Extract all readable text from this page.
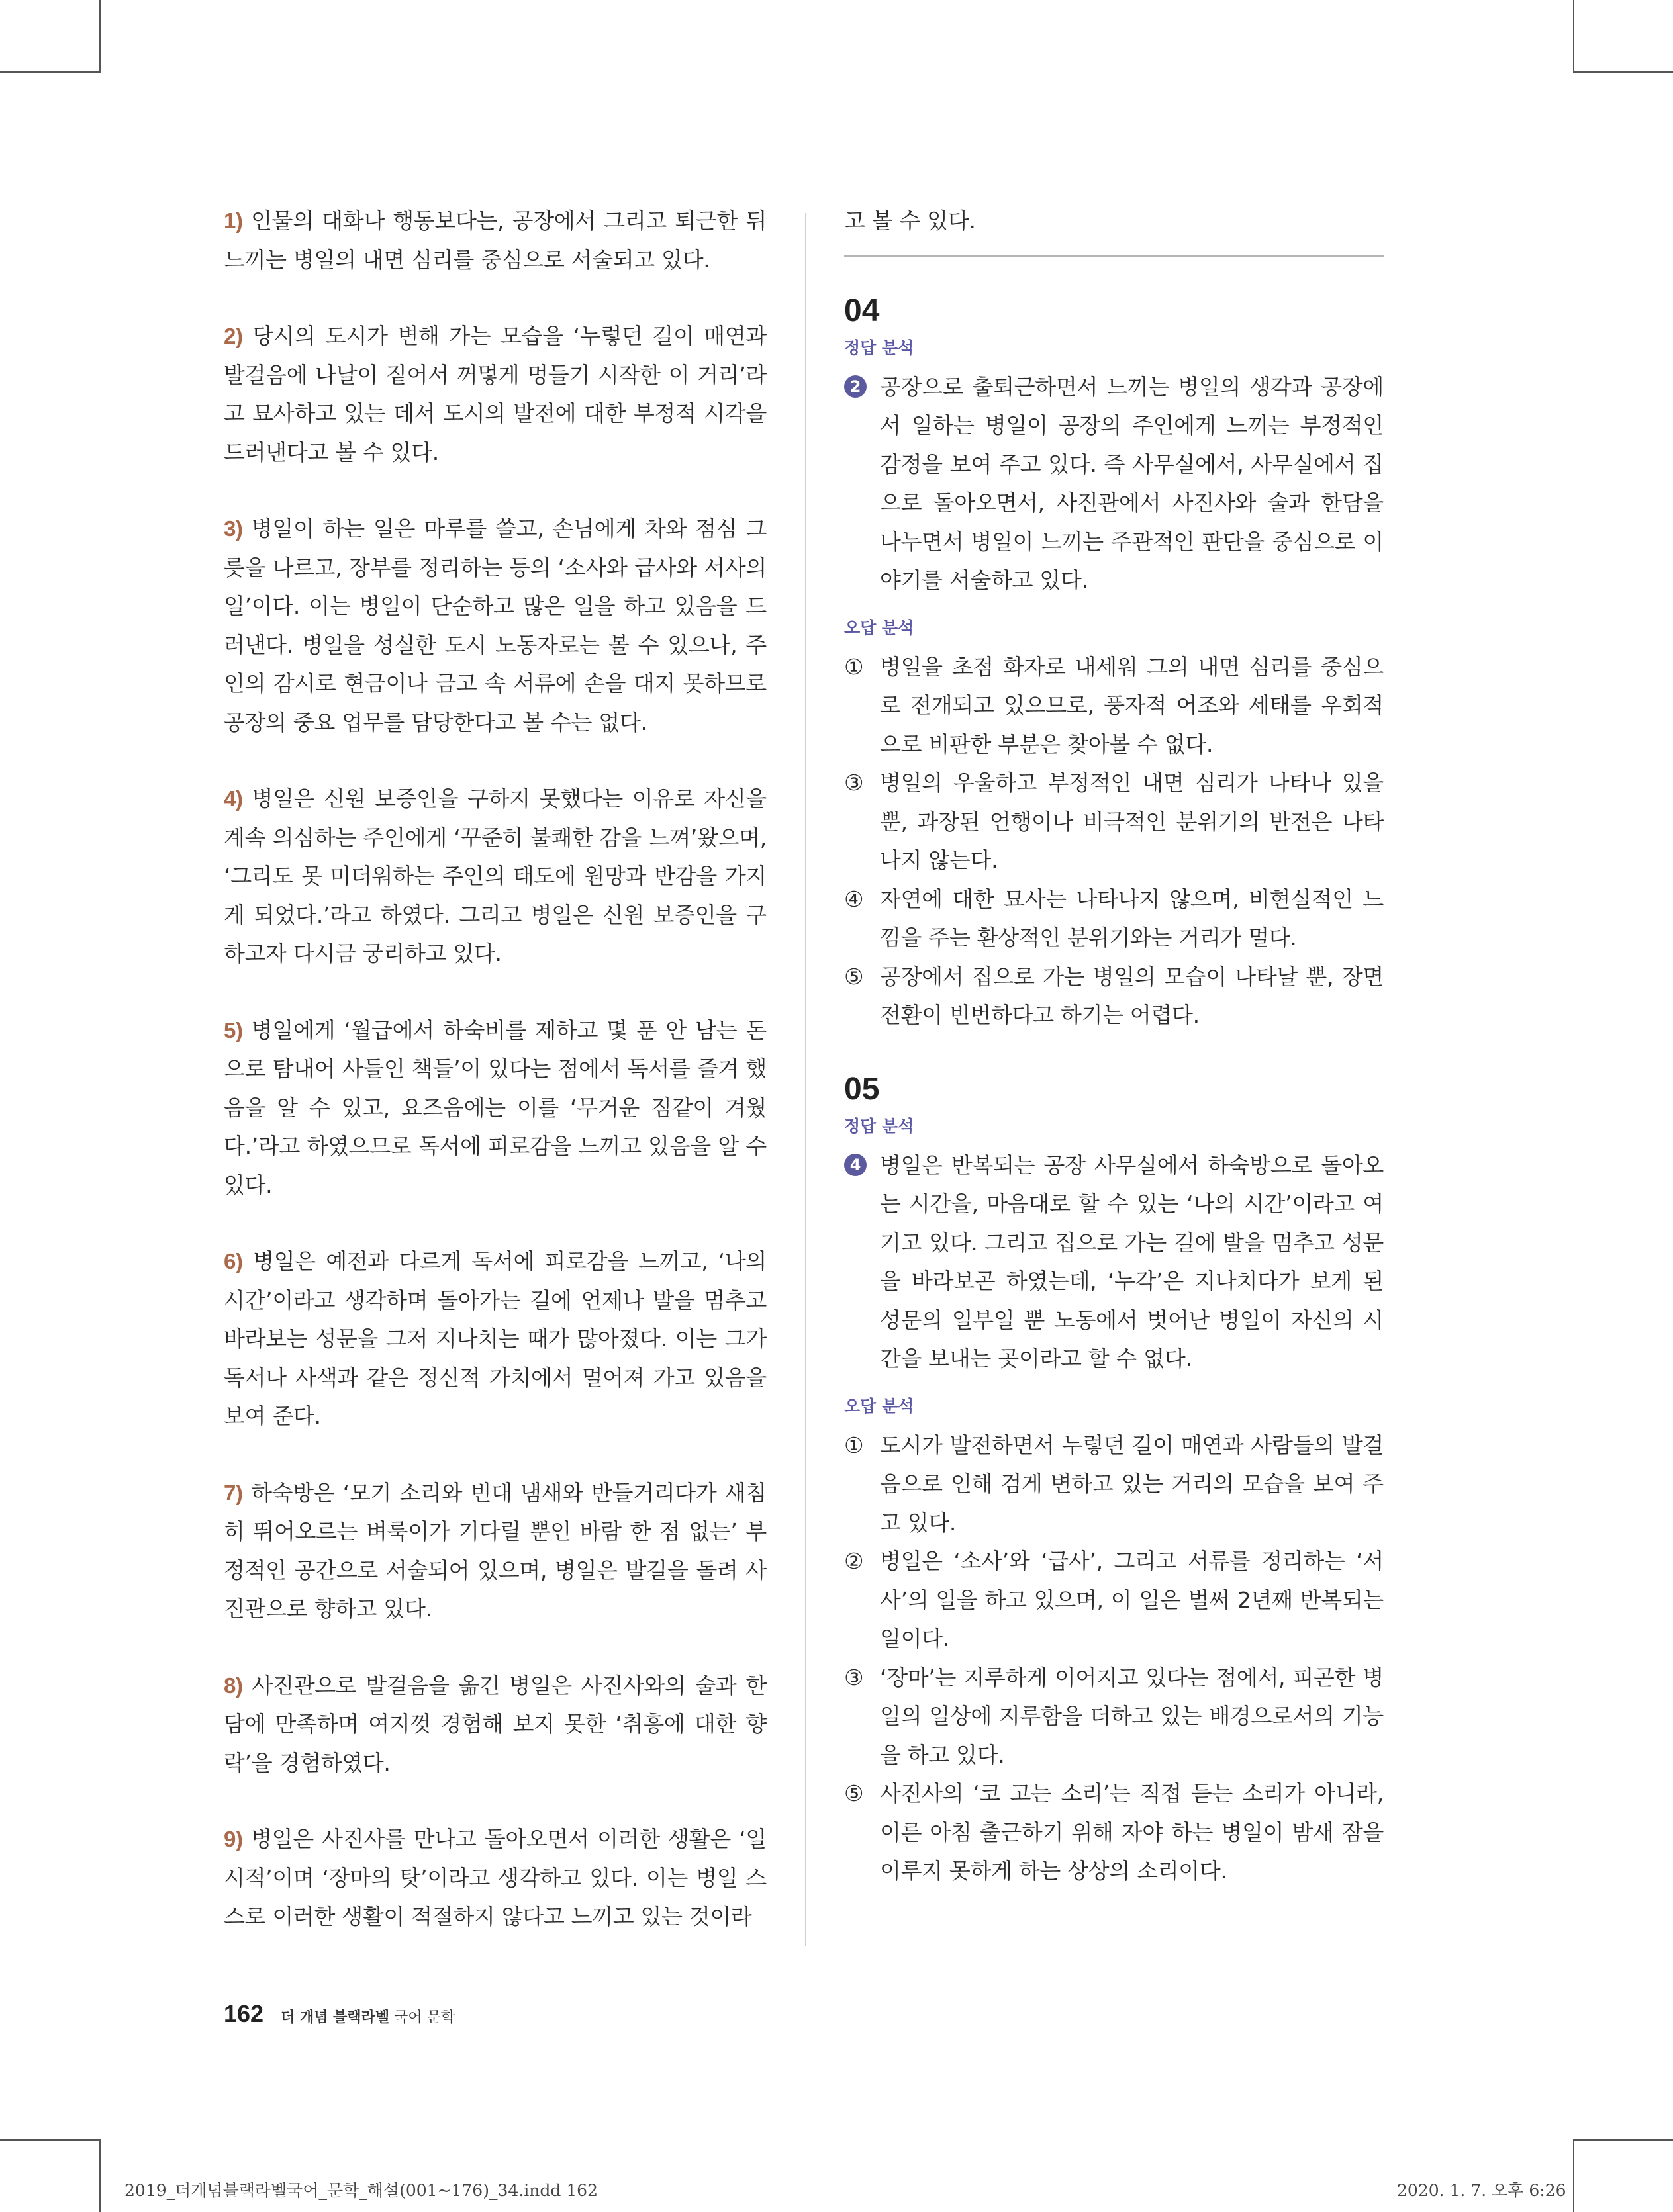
1) 인물의 대화나 행동보다는, 공장에서 그리고 퇴근한 뒤 느끼는 병일의 내면 심리를 중심으로 서술되고 있다.

2) 당시의 도시가 변해 가는 모습을 ‘누렇던 길이 매연과 발걸음에 나날이 짙어서 꺼멓게 멍들기 시작한 이 거리’라고 묘사하고 있는 데서 도시의 발전에 대한 부정적 시각을 드러낸다고 볼 수 있다.

3) 병일이 하는 일은 마루를 쓸고, 손님에게 차와 점심 그릇을 나르고, 장부를 정리하는 등의 ‘소사와 급사와 서사의 일’이다. 이는 병일이 단순하고 많은 일을 하고 있음을 드러낸다. 병일을 성실한 도시 노동자로는 볼 수 있으나, 주인의 감시로 현금이나 금고 속 서류에 손을 대지 못하므로 공장의 중요 업무를 담당한다고 볼 수는 없다.

4) 병일은 신원 보증인을 구하지 못했다는 이유로 자신을 계속 의심하는 주인에게 ‘꾸준히 불쾌한 감을 느껴’왔으며, ‘그리도 못 미더워하는 주인의 태도에 원망과 반감을 가지게 되었다.’라고 하였다. 그리고 병일은 신원 보증인을 구하고자 다시금 궁리하고 있다.

5) 병일에게 ‘월급에서 하숙비를 제하고 몇 푼 안 남는 돈으로 탐내어 사들인 책들’이 있다는 점에서 독서를 즐겨 했음을 알 수 있고, 요즈음에는 이를 ‘무거운 짐같이 겨웠다.’라고 하였으므로 독서에 피로감을 느끼고 있음을 알 수 있다.

6) 병일은 예전과 다르게 독서에 피로감을 느끼고, ‘나의 시간’이라고 생각하며 돌아가는 길에 언제나 발을 멈추고 바라보는 성문을 그저 지나치는 때가 많아졌다. 이는 그가 독서나 사색과 같은 정신적 가치에서 멀어져 가고 있음을 보여 준다.

7) 하숙방은 ‘모기 소리와 빈대 냄새와 반들거리다가 새침히 뛰어오르는 벼룩이가 기다릴 뿐인 바람 한 점 없는’ 부정적인 공간으로 서술되어 있으며, 병일은 발길을 돌려 사진관으로 향하고 있다.

8) 사진관으로 발걸음을 옮긴 병일은 사진사와의 술과 한담에 만족하며 여지껏 경험해 보지 못한 ‘취흥에 대한 향락’을 경험하였다.

9) 병일은 사진사를 만나고 돌아오면서 이러한 생활은 ‘일시적’이며 ‘장마의 탓’이라고 생각하고 있다. 이는 병일 스스로 이러한 생활이 적절하지 않다고 느끼고 있는 것이라

고 볼 수 있다.

04
정답 분석
2 공장으로 출퇴근하면서 느끼는 병일의 생각과 공장에서 일하는 병일이 공장의 주인에게 느끼는 부정적인 감정을 보여 주고 있다. 즉 사무실에서, 사무실에서 집으로 돌아오면서, 사진관에서 사진사와 술과 한담을 나누면서 병일이 느끼는 주관적인 판단을 중심으로 이야기를 서술하고 있다.
오답 분석
① 병일을 초점 화자로 내세워 그의 내면 심리를 중심으로 전개되고 있으므로, 풍자적 어조와 세태를 우회적으로 비판한 부분은 찾아볼 수 없다.
③ 병일의 우울하고 부정적인 내면 심리가 나타나 있을 뿐, 과장된 언행이나 비극적인 분위기의 반전은 나타나지 않는다.
④ 자연에 대한 묘사는 나타나지 않으며, 비현실적인 느낌을 주는 환상적인 분위기와는 거리가 멀다.
⑤ 공장에서 집으로 가는 병일의 모습이 나타날 뿐, 장면 전환이 빈번하다고 하기는 어렵다.
05
정답 분석
4 병일은 반복되는 공장 사무실에서 하숙방으로 돌아오는 시간을, 마음대로 할 수 있는 ‘나의 시간’이라고 여기고 있다. 그리고 집으로 가는 길에 발을 멈추고 성문을 바라보곤 하였는데, ‘누각’은 지나치다가 보게 된 성문의 일부일 뿐 노동에서 벗어난 병일이 자신의 시간을 보내는 곳이라고 할 수 없다.
오답 분석
① 도시가 발전하면서 누렇던 길이 매연과 사람들의 발걸음으로 인해 검게 변하고 있는 거리의 모습을 보여 주고 있다.
② 병일은 ‘소사’와 ‘급사’, 그리고 서류를 정리하는 ‘서사’의 일을 하고 있으며, 이 일은 벌써 2년째 반복되는 일이다.
③ ‘장마’는 지루하게 이어지고 있다는 점에서, 피곤한 병일의 일상에 지루함을 더하고 있는 배경으로서의 기능을 하고 있다.
⑤ 사진사의 ‘코 고는 소리’는 직접 듣는 소리가 아니라, 이른 아침 출근하기 위해 자야 하는 병일이 밤새 잠을 이루지 못하게 하는 상상의 소리이다.
162 더 개념 블랙라벨 국어 문학
2019_더개념블랙라벨국어_문학_해설(001~176)_34.indd 162	2020. 1. 7. 오후 6:26
